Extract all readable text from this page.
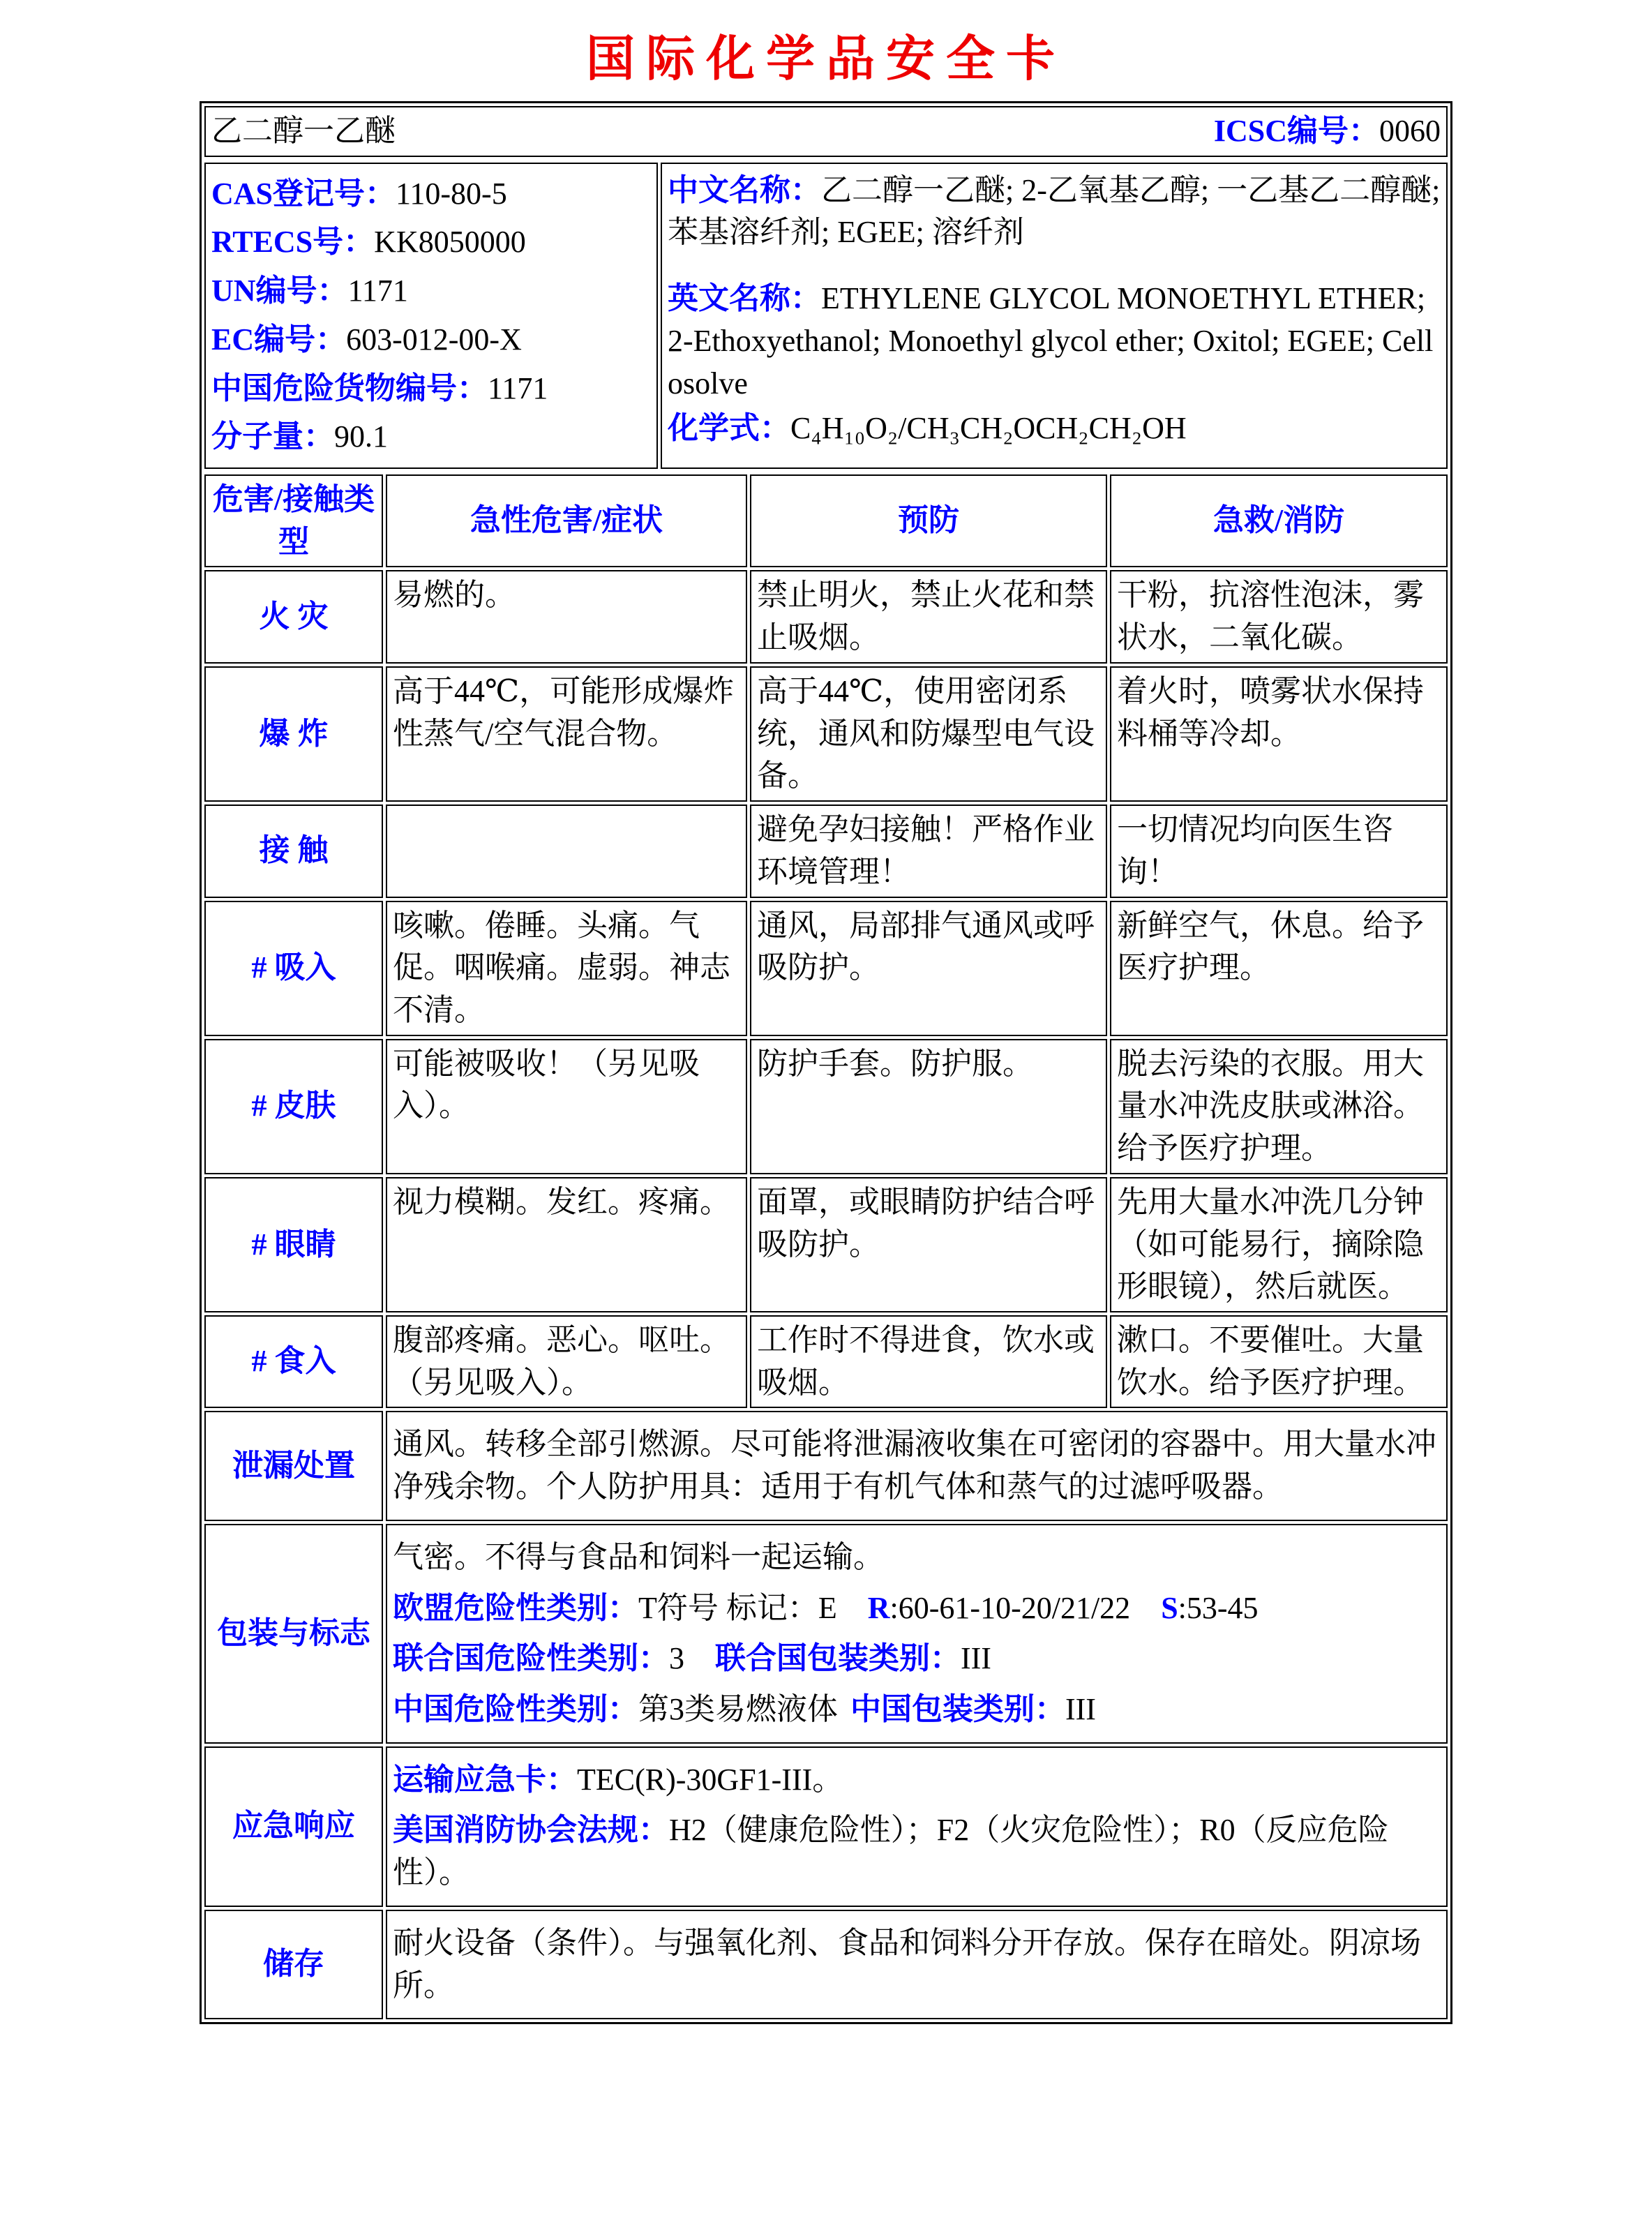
国际化学品安全卡
乙二醇一乙醚	ICSC编号：0060
CAS登记号：110-80-5
RTECS号：KK8050000
UN编号：1171
EC编号：603-012-00-X
中国危险货物编号：1171
分子量：90.1

中文名称：乙二醇一乙醚; 2-乙氧基乙醇; 一乙基乙二醇醚; 苯基溶纤剂; EGEE; 溶纤剂

英文名称：ETHYLENE GLYCOL MONOETHYL ETHER; 2-Ethoxyethanol; Monoethyl glycol ether; Oxitol; EGEE; Cellosolve

化学式：C₄H₁₀O₂/CH₃CH₂OCH₂CH₂OH

危害/接触类型	急性危害/症状	预防	急救/消防
火 灾	易燃的。	禁止明火，禁止火花和禁止吸烟。	干粉，抗溶性泡沫，雾状水，二氧化碳。
爆 炸	高于44℃，可能形成爆炸性蒸气/空气混合物。	高于44℃，使用密闭系统，通风和防爆型电气设备。	着火时，喷雾状水保持料桶等冷却。
接 触		避免孕妇接触！严格作业环境管理！	一切情况均向医生咨询！
# 吸入	咳嗽。倦睡。头痛。气促。咽喉痛。虚弱。神志不清。	通风，局部排气通风或呼吸防护。	新鲜空气，休息。给予医疗护理。
# 皮肤	可能被吸收！（另见吸入）。	防护手套。防护服。	脱去污染的衣服。用大量水冲洗皮肤或淋浴。给予医疗护理。
# 眼睛	视力模糊。发红。疼痛。	面罩，或眼睛防护结合呼吸防护。	先用大量水冲洗几分钟（如可能易行，摘除隐形眼镜），然后就医。
# 食入	腹部疼痛。恶心。呕吐。（另见吸入）。	工作时不得进食，饮水或吸烟。	漱口。不要催吐。大量饮水。给予医疗护理。
泄漏处置	通风。转移全部引燃源。尽可能将泄漏液收集在可密闭的容器中。用大量水冲净残余物。个人防护用具：适用于有机气体和蒸气的过滤呼吸器。		

包装与标志	气密。不得与食品和饲料一起运输。

欧盟危险性类别：T符号 标记：E R:60-61-10-20/21/22 S:53-45

联合国危险性类别：3 联合国包装类别：III

中国危险性类别：第3类易燃液体 中国包装类别：III		

应急响应	运输应急卡：TEC(R)-30GF1-III。

美国消防协会法规：H2（健康危险性）；F2（火灾危险性）；R0（反应危险性）。		

储存	耐火设备（条件）。与强氧化剂、食品和饲料分开存放。保存在暗处。阴凉场所。		
